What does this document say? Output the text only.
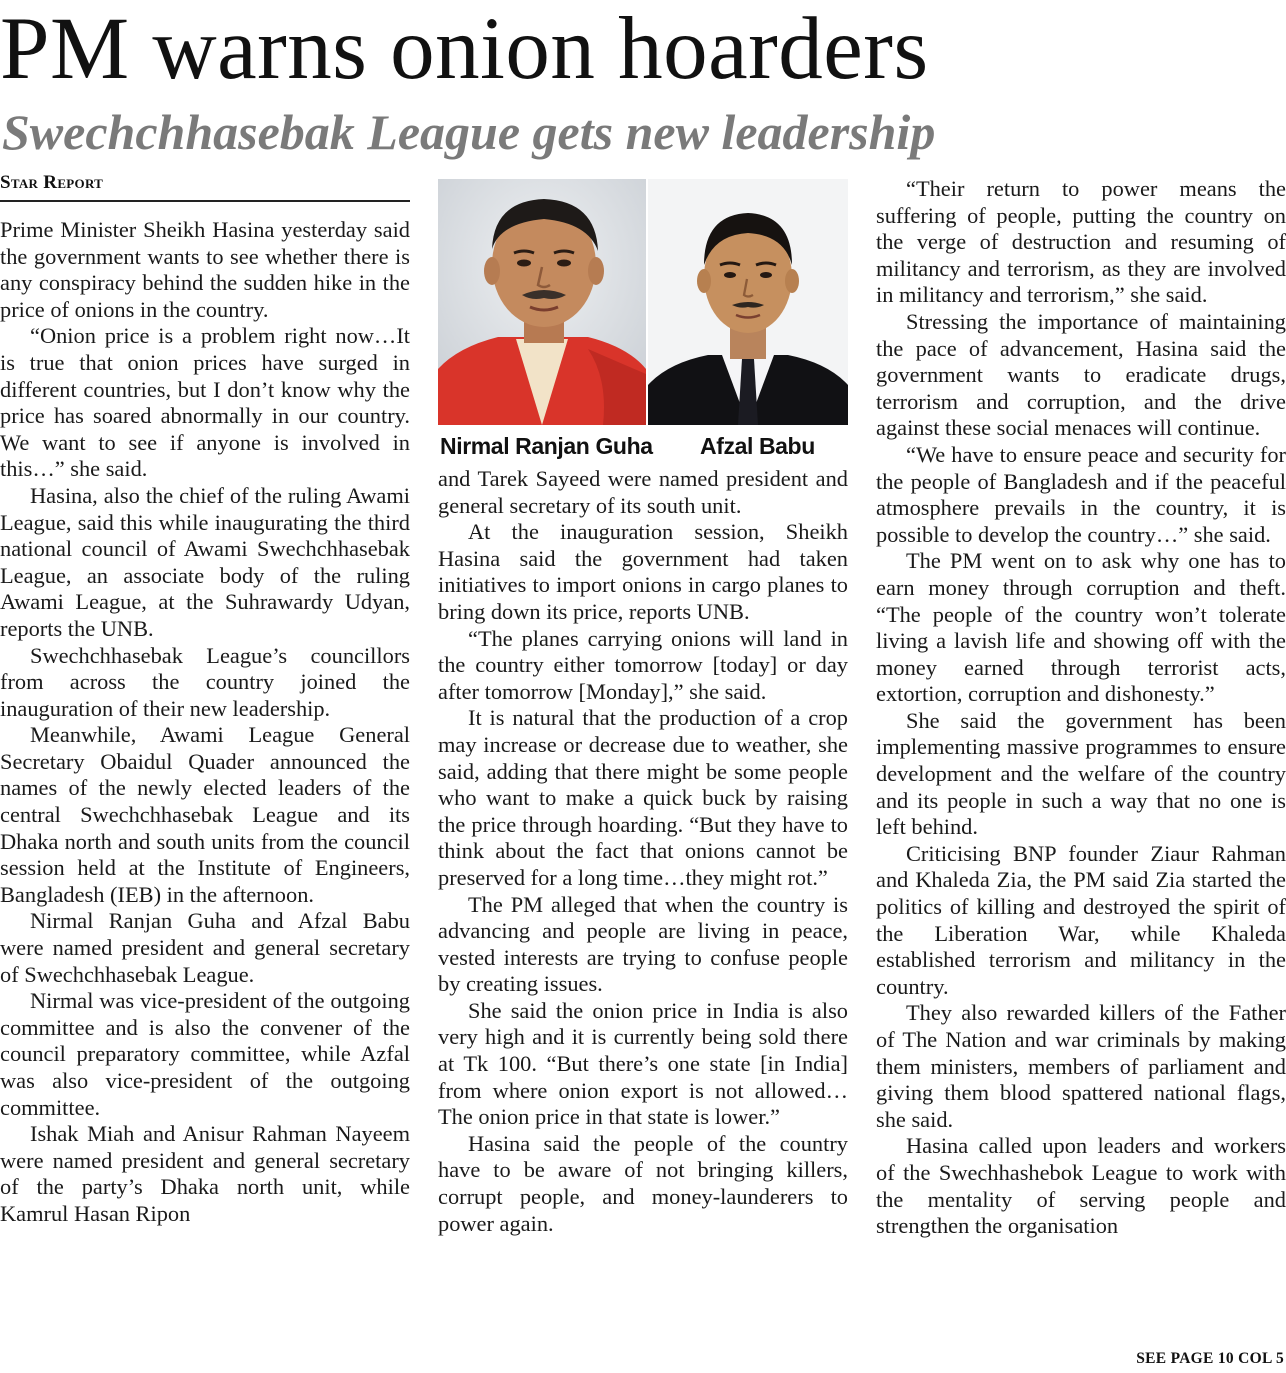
PM warns onion hoarders
Swechchhasebak League gets new leadership
Star Report

Prime Minister Sheikh Hasina yesterday said the government wants to see whether there is any conspiracy behind the sudden hike in the price of onions in the country.

“Onion price is a problem right now…It is true that onion prices have surged in different countries, but I don’t know why the price has soared abnormally in our country. We want to see if anyone is involved in this…” she said.

Hasina, also the chief of the ruling Awami League, said this while inaugurating the third national council of Awami Swechchhasebak League, an associate body of the ruling Awami League, at the Suhrawardy Udyan, reports the UNB.

Swechchhasebak League’s councillors from across the country joined the inauguration of their new leadership.

Meanwhile, Awami League General Secretary Obaidul Quader announced the names of the newly elected leaders of the central Swechchhasebak League and its Dhaka north and south units from the council session held at the Institute of Engineers, Bangladesh (IEB) in the afternoon.

Nirmal Ranjan Guha and Afzal Babu were named president and general secretary of Swechchhasebak League.

Nirmal was vice-president of the outgoing committee and is also the convener of the council preparatory committee, while Azfal was also vice-president of the outgoing committee.

Ishak Miah and Anisur Rahman Nayeem were named president and general secretary of the party’s Dhaka north unit, while Kamrul Hasan Ripon

Nirmal Ranjan Guha Afzal Babu

and Tarek Sayeed were named president and general secretary of its south unit.

At the inauguration session, Sheikh Hasina said the government had taken initiatives to import onions in cargo planes to bring down its price, reports UNB.

“The planes carrying onions will land in the country either tomorrow [today] or day after tomorrow [Monday],” she said.

It is natural that the production of a crop may increase or decrease due to weather, she said, adding that there might be some people who want to make a quick buck by raising the price through hoarding. “But they have to think about the fact that onions cannot be preserved for a long time…they might rot.”

The PM alleged that when the country is advancing and people are living in peace, vested interests are trying to confuse people by creating issues.

She said the onion price in India is also very high and it is currently being sold there at Tk 100. “But there’s one state [in India] from where onion export is not allowed…The onion price in that state is lower.”

Hasina said the people of the country have to be aware of not bringing killers, corrupt people, and money-launderers to power again.

“Their return to power means the suffering of people, putting the country on the verge of destruction and resuming of militancy and terrorism, as they are involved in militancy and terrorism,” she said.

Stressing the importance of maintaining the pace of advancement, Hasina said the government wants to eradicate drugs, terrorism and corruption, and the drive against these social menaces will continue.

“We have to ensure peace and security for the people of Bangladesh and if the peaceful atmosphere prevails in the country, it is possible to develop the country…” she said.

The PM went on to ask why one has to earn money through corruption and theft. “The people of the country won’t tolerate living a lavish life and showing off with the money earned through terrorist acts, extortion, corruption and dishonesty.”

She said the government has been implementing massive programmes to ensure development and the welfare of the country and its people in such a way that no one is left behind.

Criticising BNP founder Ziaur Rahman and Khaleda Zia, the PM said Zia started the politics of killing and destroyed the spirit of the Liberation War, while Khaleda established terrorism and militancy in the country.

They also rewarded killers of the Father of The Nation and war criminals by making them ministers, members of parliament and giving them blood spattered national flags, she said.

Hasina called upon leaders and workers of the Swechhashebok League to work with the mentality of serving people and strengthen the organisation

SEE PAGE 10 COL 5
